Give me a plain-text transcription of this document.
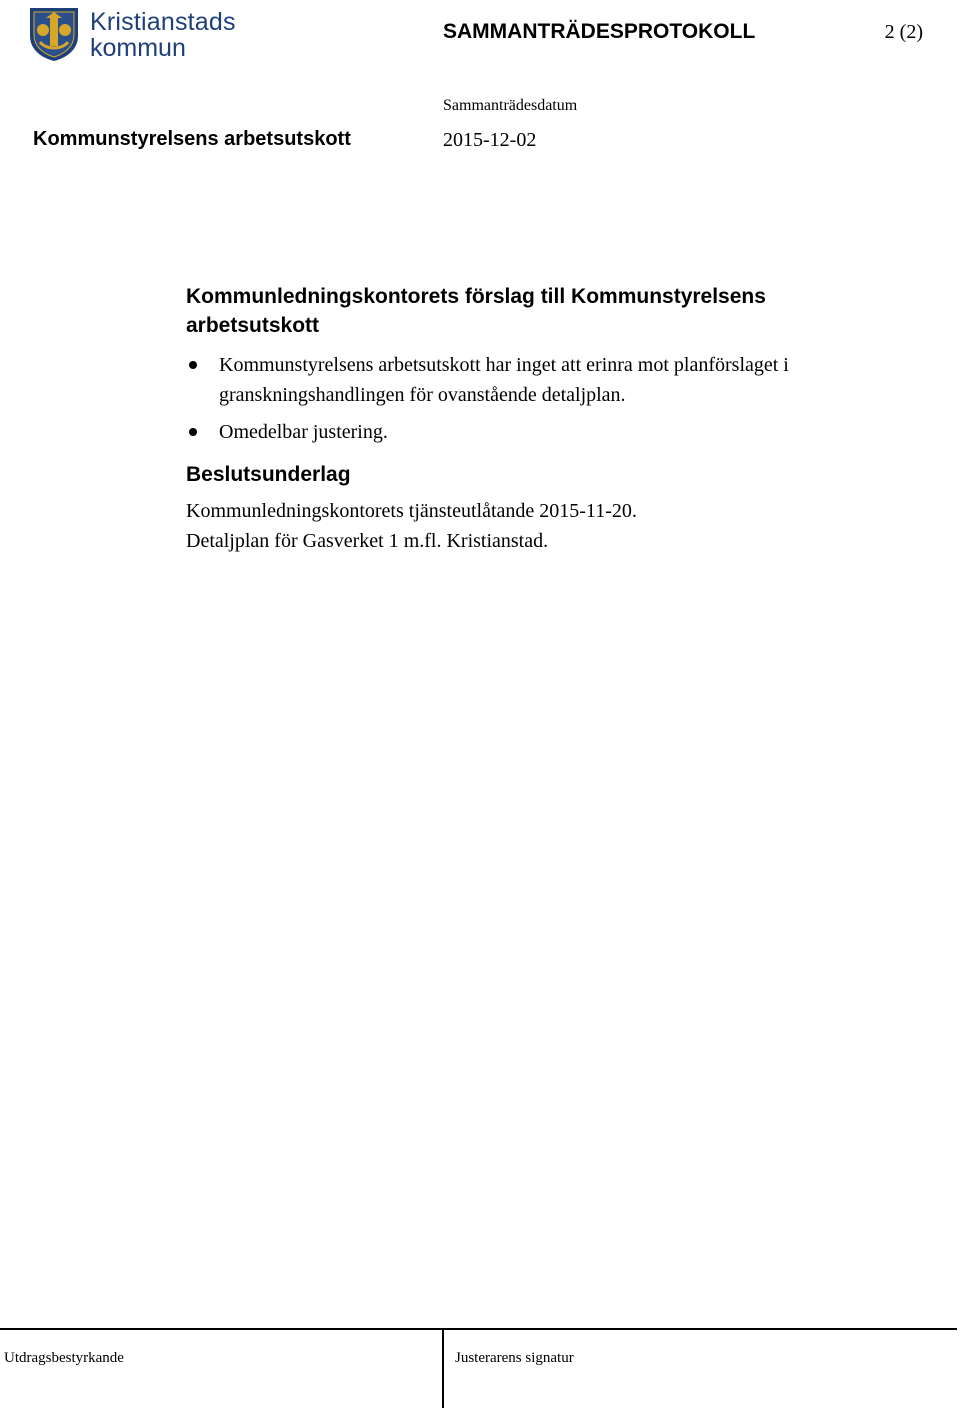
Kristianstads
kommun
SAMMANTRÄDESPROTOKOLL	2 (2)
Kommunstyrelsens arbetsutskott
Sammanträdesdatum
2015-12-02
Kommunledningskontorets förslag till Kommunstyrelsens arbetsutskott
Kommunstyrelsens arbetsutskott har inget att erinra mot planförslaget i granskningshandlingen för ovanstående detaljplan.
Omedelbar justering.
Beslutsunderlag
Kommunledningskontorets tjänsteutlåtande 2015-11-20.
Detaljplan för Gasverket 1 m.fl. Kristianstad.
Utdragsbestyrkande	Justerarens signatur
